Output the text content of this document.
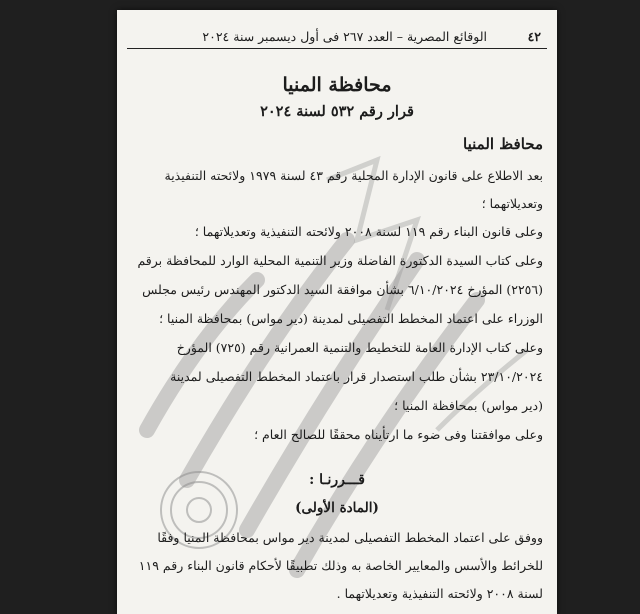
٤٢
الوقائع المصرية – العدد ٢٦٧ فى أول ديسمبر سنة ٢٠٢٤
محافظة المنيا
قرار رقم ٥٣٢ لسنة ٢٠٢٤
محافظ المنيا
بعد الاطلاع على قانون الإدارة المحلية رقم ٤٣ لسنة ١٩٧٩ ولائحته التنفيذية
وتعديلاتهما ؛
وعلى قانون البناء رقم ١١٩ لسنة ٢٠٠٨ ولائحته التنفيذية وتعديلاتهما ؛
وعلى كتاب السيدة الدكتورة الفاضلة وزير التنمية المحلية الوارد للمحافظة برقم
(٢٢٥٦) المؤرخ ٦/١٠/٢٠٢٤ بشأن موافقة السيد الدكتور المهندس رئيس مجلس
الوزراء على اعتماد المخطط التفصيلى لمدينة (دير مواس) بمحافظة المنيا ؛
وعلى كتاب الإدارة العامة للتخطيط والتنمية العمرانية رقم (٧٢٥) المؤرخ
٢٣/١٠/٢٠٢٤ بشأن طلب استصدار قرار باعتماد المخطط التفصيلى لمدينة
(دير مواس) بمحافظة المنيا ؛
وعلى موافقتنا وفى ضوء ما ارتأيناه محققًا للصالح العام ؛
قـــررنـا :
(المادة الأولى)
ووفق على اعتماد المخطط التفصيلى لمدينة دير مواس بمحافظة المنيا وفقًا
للخرائط والأسس والمعايير الخاصة به وذلك تطبيقًا لأحكام قانون البناء رقم ١١٩
لسنة ٢٠٠٨ ولائحته التنفيذية وتعديلاتهما .
